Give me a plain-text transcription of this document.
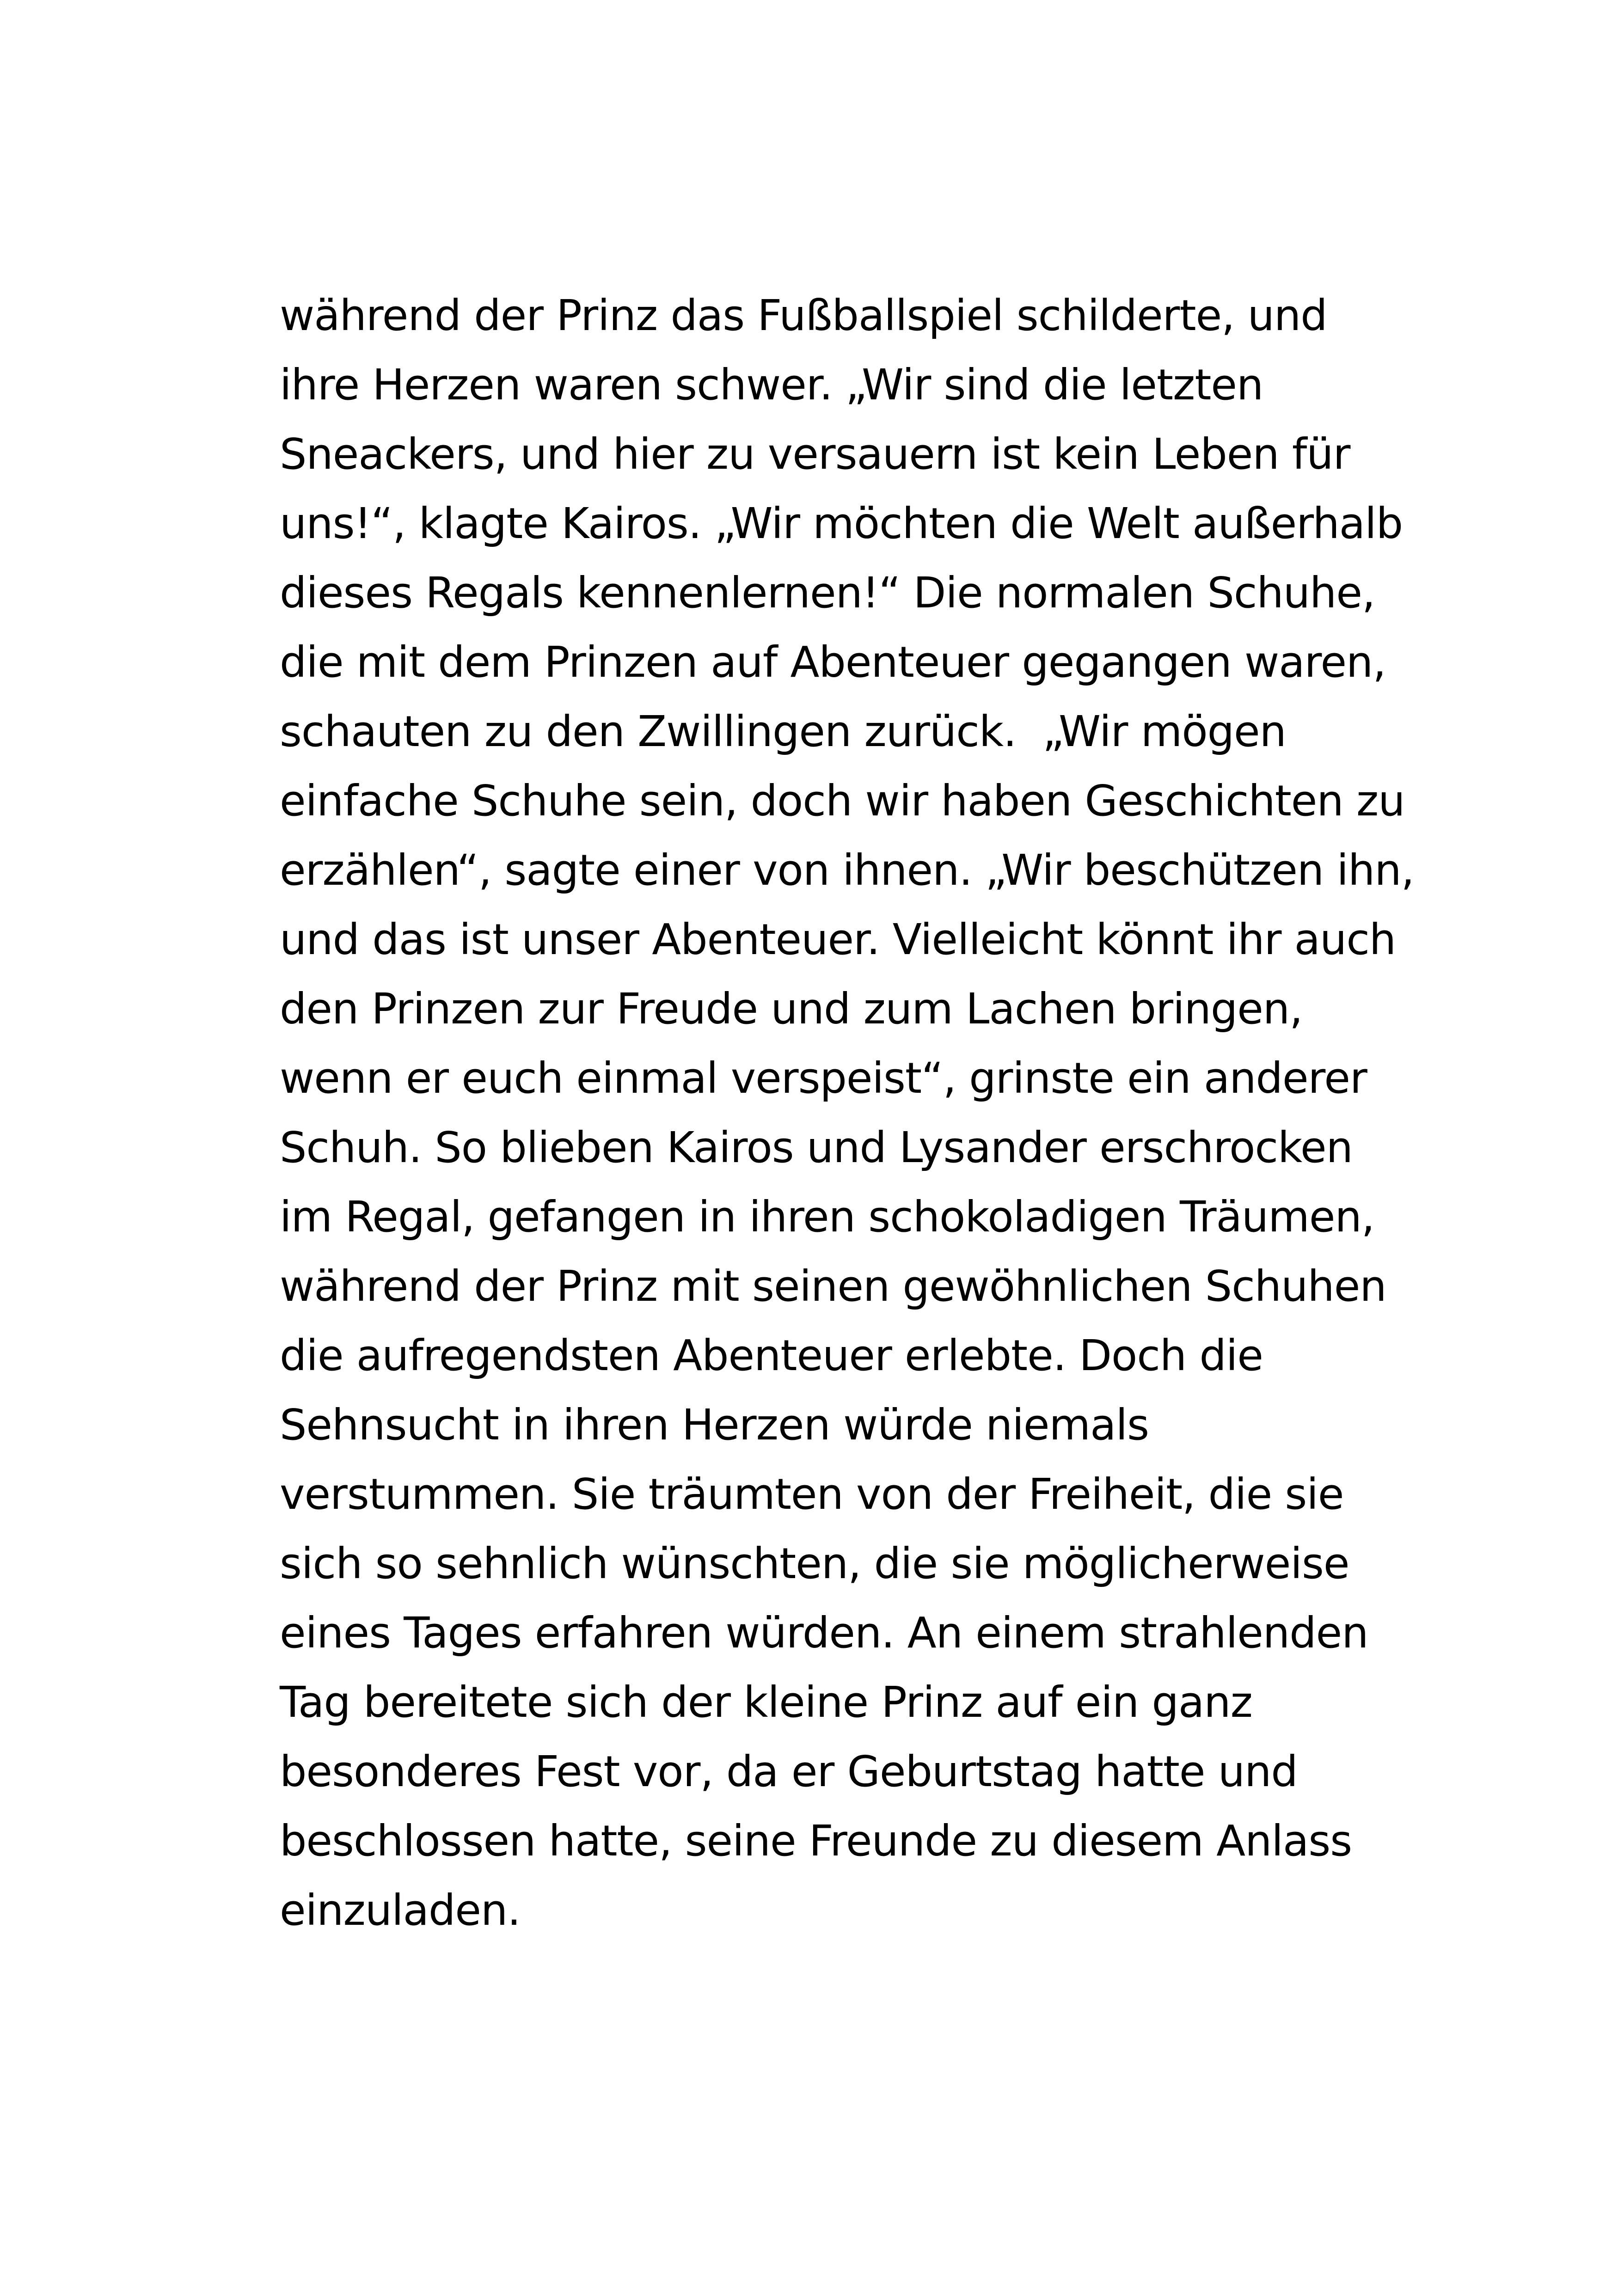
während der Prinz das Fußballspiel schilderte, und
ihre Herzen waren schwer. „Wir sind die letzten
Sneackers, und hier zu versauern ist kein Leben für
uns!“, klagte Kairos. „Wir möchten die Welt außerhalb
dieses Regals kennenlernen!“ Die normalen Schuhe,
die mit dem Prinzen auf Abenteuer gegangen waren,
schauten zu den Zwillingen zurück.  „Wir mögen
einfache Schuhe sein, doch wir haben Geschichten zu
erzählen“, sagte einer von ihnen. „Wir beschützen ihn,
und das ist unser Abenteuer. Vielleicht könnt ihr auch
den Prinzen zur Freude und zum Lachen bringen,
wenn er euch einmal verspeist“, grinste ein anderer
Schuh. So blieben Kairos und Lysander erschrocken
im Regal, gefangen in ihren schokoladigen Träumen,
während der Prinz mit seinen gewöhnlichen Schuhen
die aufregendsten Abenteuer erlebte. Doch die
Sehnsucht in ihren Herzen würde niemals
verstummen. Sie träumten von der Freiheit, die sie
sich so sehnlich wünschten, die sie möglicherweise
eines Tages erfahren würden. An einem strahlenden
Tag bereitete sich der kleine Prinz auf ein ganz
besonderes Fest vor, da er Geburtstag hatte und
beschlossen hatte, seine Freunde zu diesem Anlass
einzuladen.
